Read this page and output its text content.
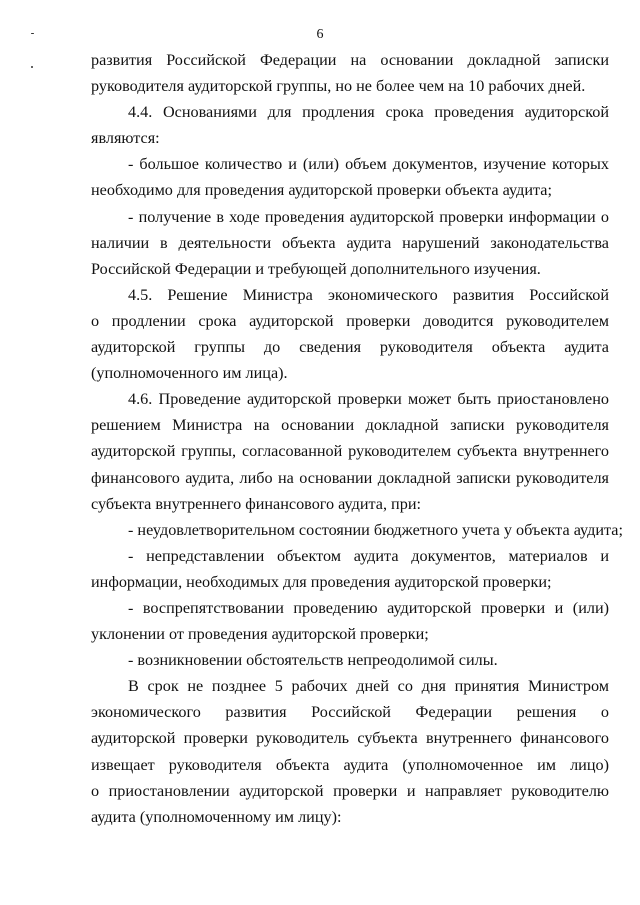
6
развития Российской Федерации на основании докладной записки
руководителя аудиторской группы, но не более чем на 10 рабочих дней.
4.4. Основаниями для продления срока проведения аудиторской
являются:
- большое количество и (или) объем документов, изучение которых
необходимо для проведения аудиторской проверки объекта аудита;
- получение в ходе проведения аудиторской проверки информации о
наличии в деятельности объекта аудита нарушений законодательства
Российской Федерации и требующей дополнительного изучения.
4.5. Решение Министра экономического развития Российской
о продлении срока аудиторской проверки доводится руководителем
аудиторской группы до сведения руководителя объекта аудита
(уполномоченного им лица).
4.6. Проведение аудиторской проверки может быть приостановлено
решением Министра на основании докладной записки руководителя
аудиторской группы, согласованной руководителем субъекта внутреннего
финансового аудита, либо на основании докладной записки руководителя
субъекта внутреннего финансового аудита, при:
- неудовлетворительном состоянии бюджетного учета у объекта аудита;
- непредставлении объектом аудита документов, материалов и
информации, необходимых для проведения аудиторской проверки;
- воспрепятствовании проведению аудиторской проверки и (или)
уклонении от проведения аудиторской проверки;
- возникновении обстоятельств непреодолимой силы.
В срок не позднее 5 рабочих дней со дня принятия Министром
экономического развития Российской Федерации решения о
аудиторской проверки руководитель субъекта внутреннего финансового
извещает руководителя объекта аудита (уполномоченное им лицо)
о приостановлении аудиторской проверки и направляет руководителю
аудита (уполномоченному им лицу):
